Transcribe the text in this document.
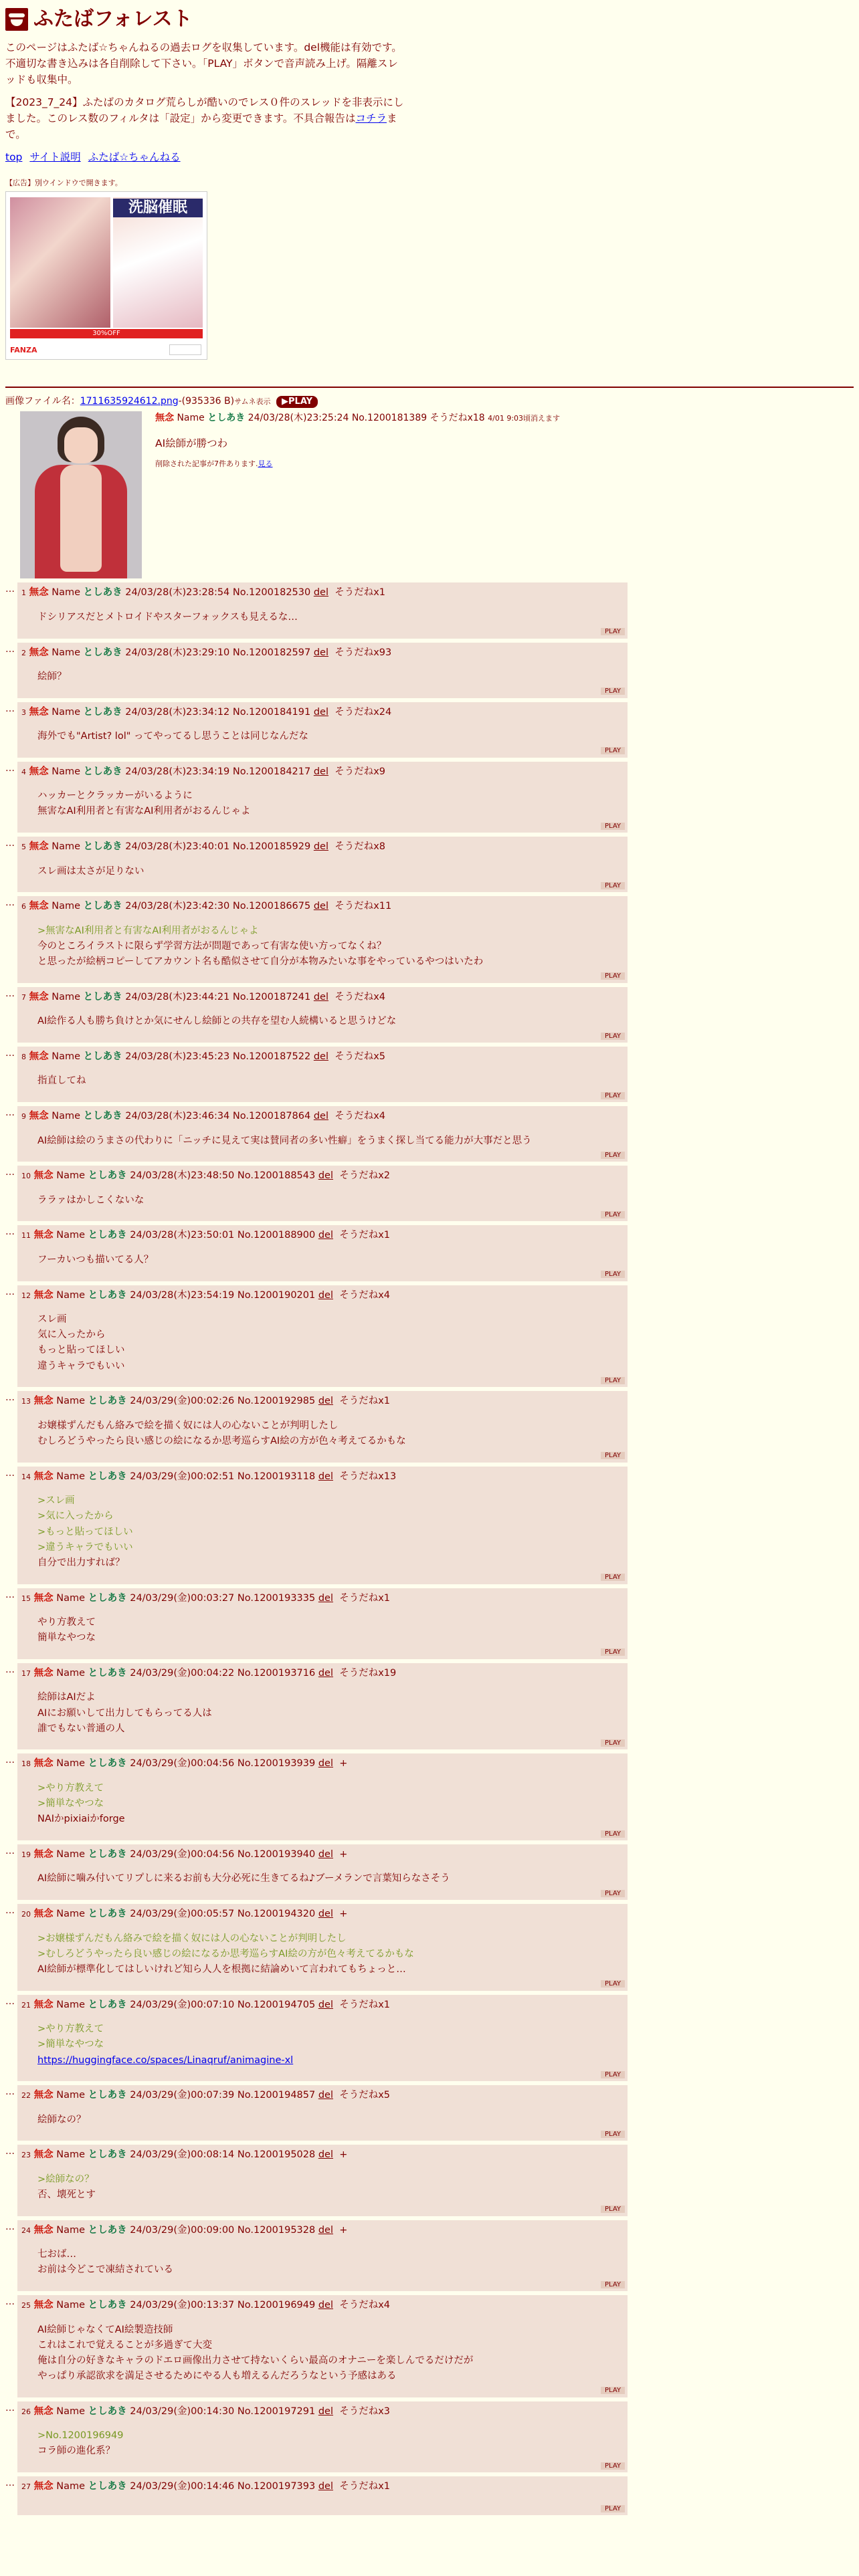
ふたばフォレスト

このページはふたば☆ちゃんねるの過去ログを収集しています。del機能は有効です。不適切な書き込みは各自削除して下さい。「PLAY」ボタンで音声読み上げ。隔離スレッドも収集中。

【2023_7_24】ふたばのカタログ荒らしが酷いのでレス０件のスレッドを非表示にしました。このレス数のフィルタは「設定」から変更できます。不具合報告はコチラまで。

top サイト説明 ふたば☆ちゃんねる
【広告】別ウインドウで開きます。
洗脳催眠
30%OFF
FANZA
画像ファイル名：1711635924612.png-(935336 B)サムネ表示 ▶PLAY
無念 Name としあき 24/03/28(木)23:25:24 No.1200181389 そうだねx18 4/01 9:03頃消えます
AI絵師が勝つわ
削除された記事が7件あります.見る
… 1 無念 Name としあき 24/03/28(木)23:28:54 No.1200182530 del そうだねx1
ドシリアスだとメトロイドやスターフォックスも見えるな…
PLAY
… 2 無念 Name としあき 24/03/28(木)23:29:10 No.1200182597 del そうだねx93
絵師？
PLAY
… 3 無念 Name としあき 24/03/28(木)23:34:12 No.1200184191 del そうだねx24
海外でも"Artist? lol" ってやってるし思うことは同じなんだな
PLAY
… 4 無念 Name としあき 24/03/28(木)23:34:19 No.1200184217 del そうだねx9
ハッカーとクラッカーがいるように
無害なAI利用者と有害なAI利用者がおるんじゃよ
PLAY
… 5 無念 Name としあき 24/03/28(木)23:40:01 No.1200185929 del そうだねx8
スレ画は太さが足りない
PLAY
… 6 無念 Name としあき 24/03/28(木)23:42:30 No.1200186675 del そうだねx11
>無害なAI利用者と有害なAI利用者がおるんじゃよ
今のところイラストに限らず学習方法が問題であって有害な使い方ってなくね？
と思ったが絵柄コピーしてアカウント名も酷似させて自分が本物みたいな事をやっているやつはいたわ
PLAY
… 7 無念 Name としあき 24/03/28(木)23:44:21 No.1200187241 del そうだねx4
AI絵作る人も勝ち負けとか気にせんし絵師との共存を望む人続構いると思うけどな
PLAY
… 8 無念 Name としあき 24/03/28(木)23:45:23 No.1200187522 del そうだねx5
指直してね
PLAY
… 9 無念 Name としあき 24/03/28(木)23:46:34 No.1200187864 del そうだねx4
AI絵師は絵のうまさの代わりに「ニッチに見えて実は賛同者の多い性癖」をうまく探し当てる能力が大事だと思う
PLAY
… 10 無念 Name としあき 24/03/28(木)23:48:50 No.1200188543 del そうだねx2
ララァはかしこくないな
PLAY
… 11 無念 Name としあき 24/03/28(木)23:50:01 No.1200188900 del そうだねx1
フーカいつも描いてる人？
PLAY
… 12 無念 Name としあき 24/03/28(木)23:54:19 No.1200190201 del そうだねx4
スレ画
気に入ったから
もっと貼ってほしい
違うキャラでもいい
PLAY
… 13 無念 Name としあき 24/03/29(金)00:02:26 No.1200192985 del そうだねx1
お嬢様ずんだもん絡みで絵を描く奴には人の心ないことが判明したし
むしろどうやったら良い感じの絵になるか思考巡らすAI絵の方が色々考えてるかもな
PLAY
… 14 無念 Name としあき 24/03/29(金)00:02:51 No.1200193118 del そうだねx13
>スレ画
>気に入ったから
>もっと貼ってほしい
>違うキャラでもいい
自分で出力すれば？
PLAY
… 15 無念 Name としあき 24/03/29(金)00:03:27 No.1200193335 del そうだねx1
やり方教えて
簡単なやつな
PLAY
… 17 無念 Name としあき 24/03/29(金)00:04:22 No.1200193716 del そうだねx19
絵師はAIだよ
AIにお願いして出力してもらってる人は
誰でもない普通の人
PLAY
… 18 無念 Name としあき 24/03/29(金)00:04:56 No.1200193939 del +
>やり方教えて
>簡単なやつな
NAIかpixiaiかforge
PLAY
… 19 無念 Name としあき 24/03/29(金)00:04:56 No.1200193940 del +
AI絵師に噛み付いてリプしに来るお前も大分必死に生きてるね♪ブーメランで言葉知らなさそう
PLAY
… 20 無念 Name としあき 24/03/29(金)00:05:57 No.1200194320 del +
>お嬢様ずんだもん絡みで絵を描く奴には人の心ないことが判明したし
>むしろどうやったら良い感じの絵になるか思考巡らすAI絵の方が色々考えてるかもな
AI絵師が標準化してはしいけれど知ら人人を根拠に結論めいて言われてもちょっと…
PLAY
… 21 無念 Name としあき 24/03/29(金)00:07:10 No.1200194705 del そうだねx1
>やり方教えて
>簡単なやつな
https://huggingface.co/spaces/Linaqruf/animagine-xl
PLAY
… 22 無念 Name としあき 24/03/29(金)00:07:39 No.1200194857 del そうだねx5
絵師なの？
PLAY
… 23 無念 Name としあき 24/03/29(金)00:08:14 No.1200195028 del +
>絵師なの？
否、壊死とす
PLAY
… 24 無念 Name としあき 24/03/29(金)00:09:00 No.1200195328 del +
七おば…
お前は今どこで凍結されている
PLAY
… 25 無念 Name としあき 24/03/29(金)00:13:37 No.1200196949 del そうだねx4
AI絵師じゃなくてAI絵製造技師
これはこれで覚えることが多過ぎて大変
俺は自分の好きなキャラのドエロ画像出力させて持ないくらい最高のオナニーを楽しんでるだけだが
やっぱり承認欲求を満足させるためにやる人も増えるんだろうなという予感はある
PLAY
… 26 無念 Name としあき 24/03/29(金)00:14:30 No.1200197291 del そうだねx3
>No.1200196949
コラ師の進化系？
PLAY
… 27 無念 Name としあき 24/03/29(金)00:14:46 No.1200197393 del そうだねx1
PLAY
